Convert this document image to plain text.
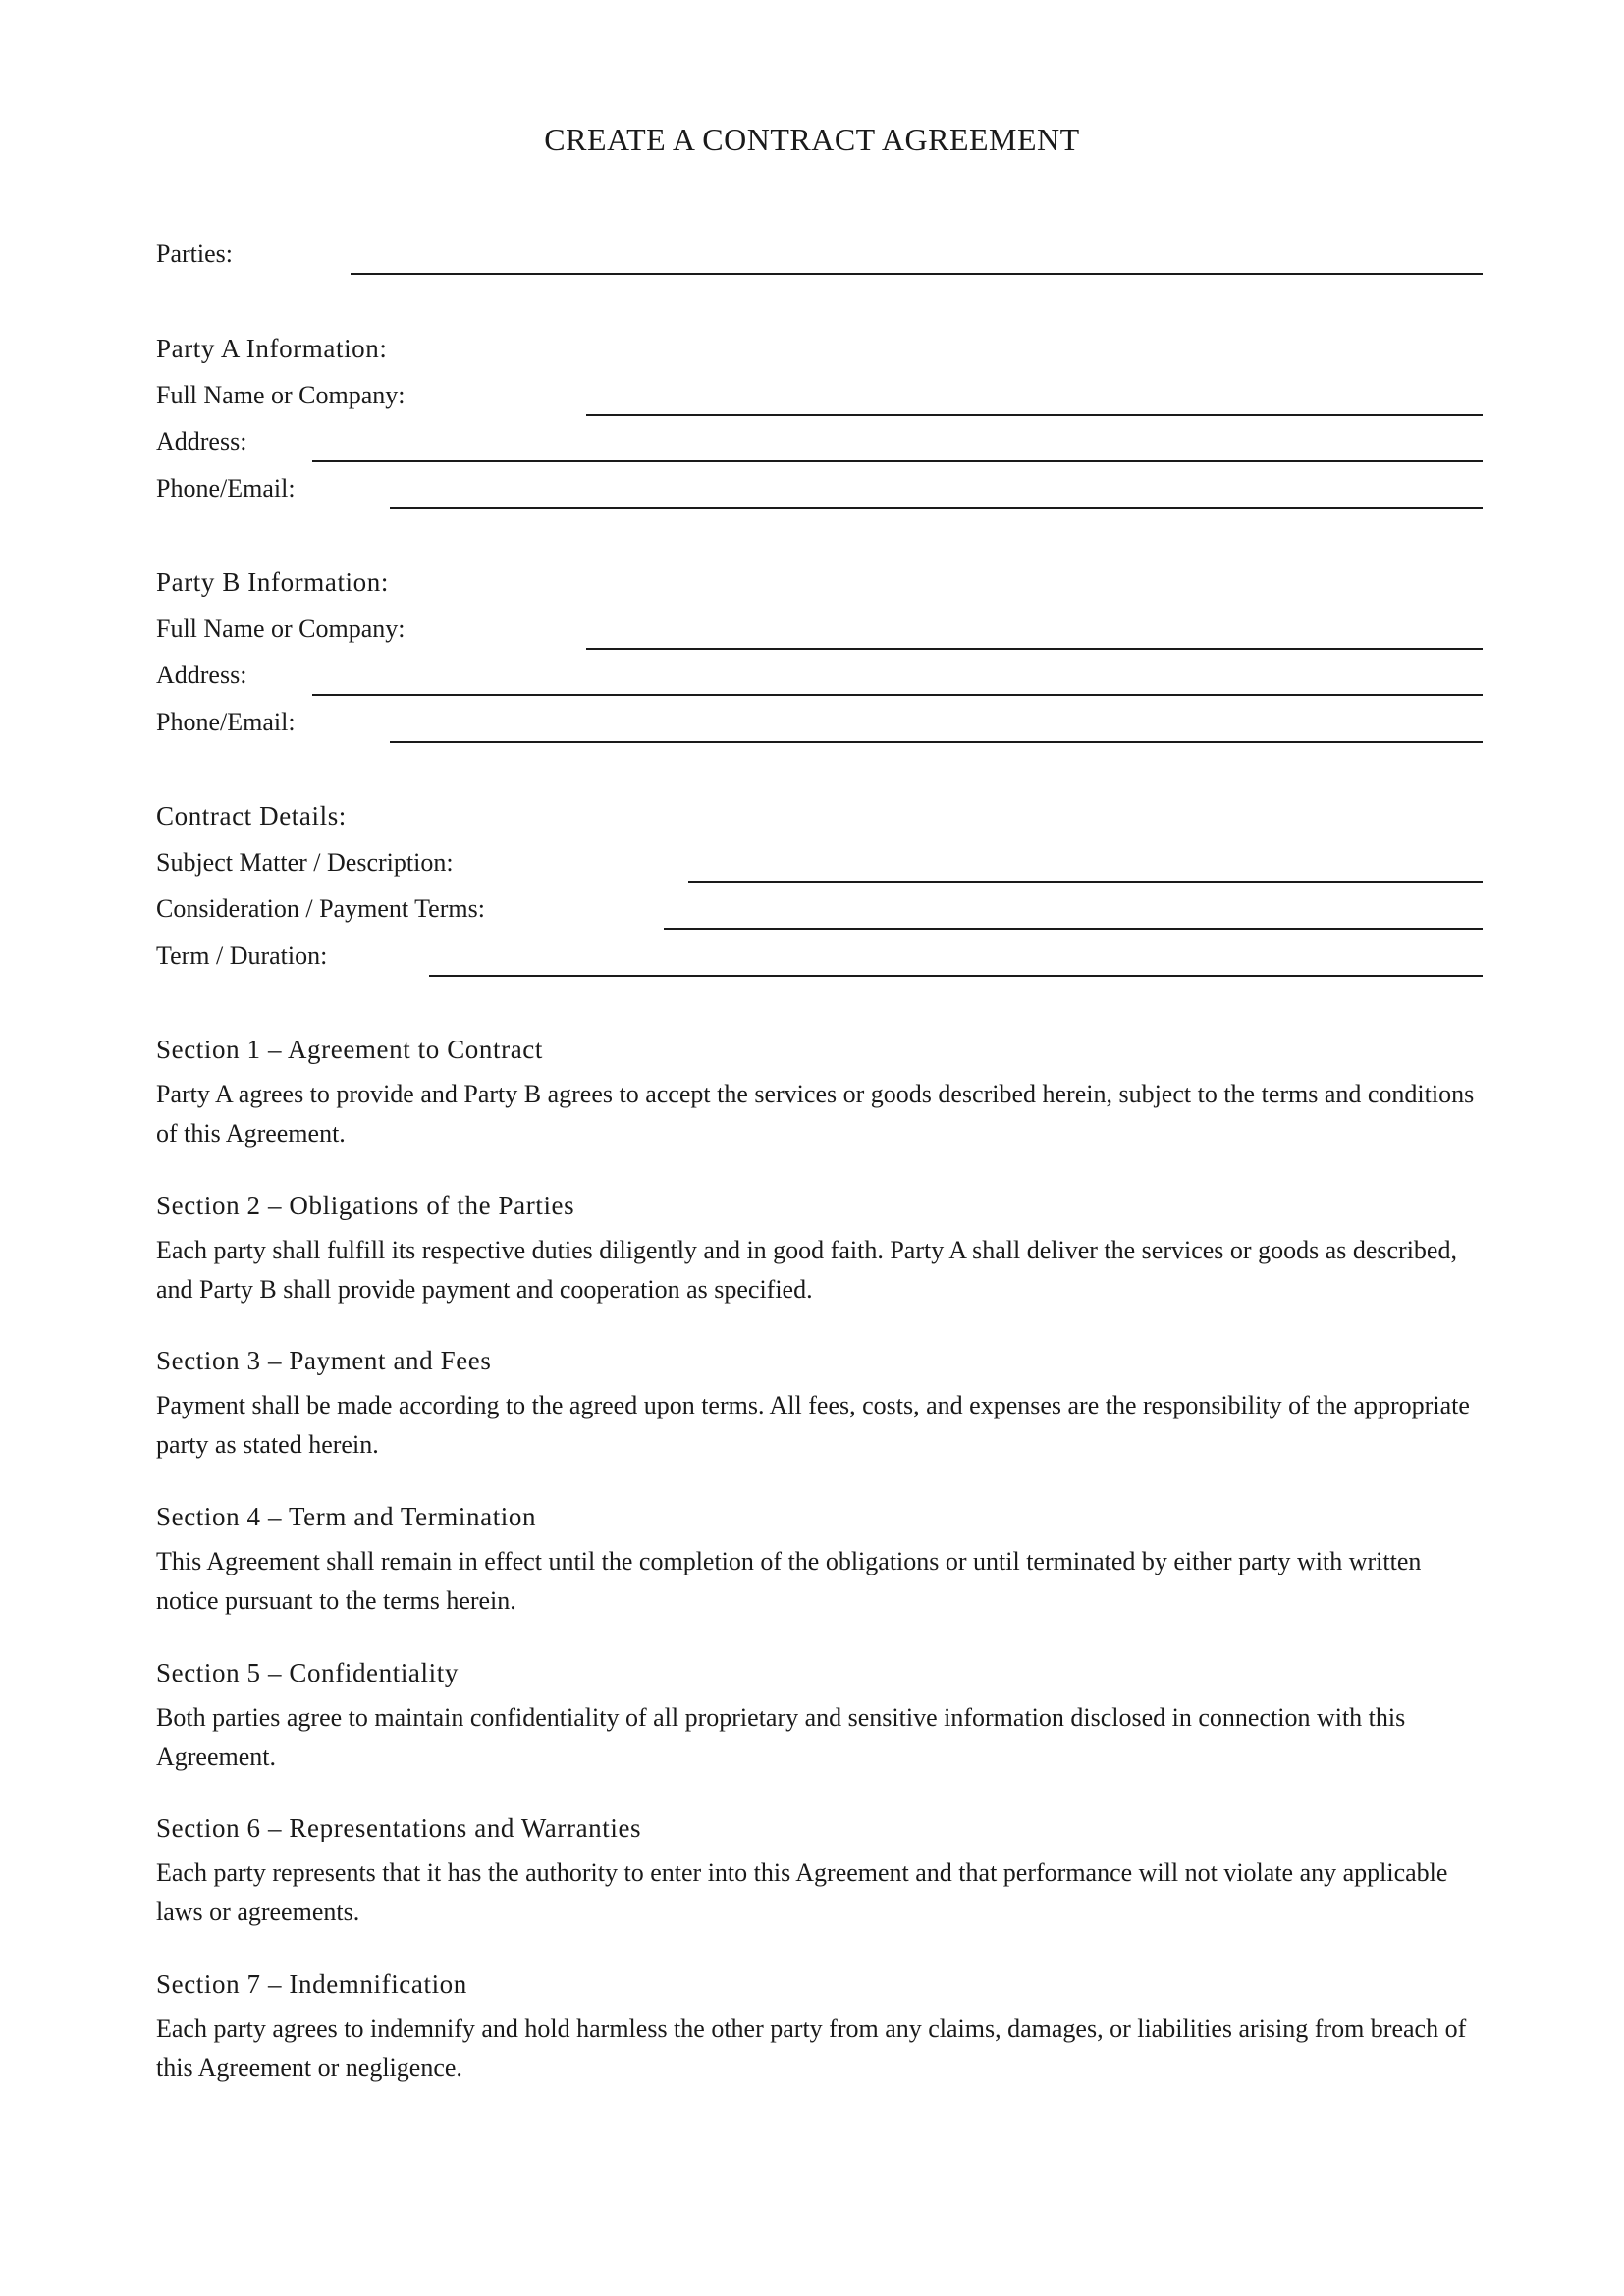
CREATE A CONTRACT AGREEMENT
Parties:
Party A Information:
Full Name or Company:
Address:
Phone/Email:
Party B Information:
Full Name or Company:
Address:
Phone/Email:
Contract Details:
Subject Matter / Description:
Consideration / Payment Terms:
Term / Duration:

Section 1 – Agreement to Contract

Party A agrees to provide and Party B agrees to accept the services or goods described herein, subject to the terms and conditions of this Agreement.

Section 2 – Obligations of the Parties

Each party shall fulfill its respective duties diligently and in good faith. Party A shall deliver the services or goods as described, and Party B shall provide payment and cooperation as specified.

Section 3 – Payment and Fees

Payment shall be made according to the agreed upon terms. All fees, costs, and expenses are the responsibility of the appropriate party as stated herein.

Section 4 – Term and Termination

This Agreement shall remain in effect until the completion of the obligations or until terminated by either party with written notice pursuant to the terms herein.

Section 5 – Confidentiality

Both parties agree to maintain confidentiality of all proprietary and sensitive information disclosed in connection with this Agreement.

Section 6 – Representations and Warranties

Each party represents that it has the authority to enter into this Agreement and that performance will not violate any applicable laws or agreements.

Section 7 – Indemnification

Each party agrees to indemnify and hold harmless the other party from any claims, damages, or liabilities arising from breach of this Agreement or negligence.
